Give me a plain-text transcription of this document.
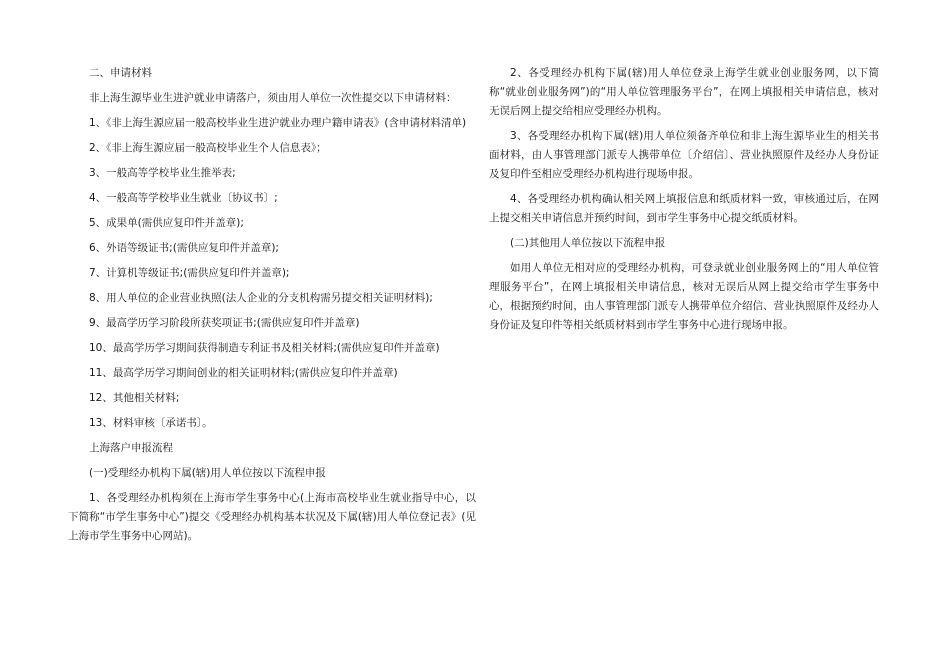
二、申请材料

非上海生源毕业生进沪就业申请落户，须由用人单位一次性提交以下申请材料：

1、《非上海生源应届一般高校毕业生进沪就业办理户籍申请表》(含申请材料清单)

2、《非上海生源应届一般高校毕业生个人信息表》；

3、一般高等学校毕业生推举表;

4、一般高等学校毕业生就业〔协议书〕;

5、成果单(需供应复印件并盖章);

6、外语等级证书;(需供应复印件并盖章);

7、计算机等级证书;(需供应复印件并盖章);

8、用人单位的企业营业执照(法人企业的分支机构需另提交相关证明材料);

9、最高学历学习阶段所获奖项证书;(需供应复印件并盖章)

10、最高学历学习期间获得制造专利证书及相关材料;(需供应复印件并盖章)

11、最高学历学习期间创业的相关证明材料;(需供应复印件并盖章)

12、其他相关材料;

13、材料审核〔承诺书〕。

上海落户申报流程

(一)受理经办机构下属(辖)用人单位按以下流程申报

1、各受理经办机构须在上海市学生事务中心(上海市高校毕业生就业指导中心，以下简称“市学生事务中心”)提交《受理经办机构基本状况及下属(辖)用人单位登记表》(见上海市学生事务中心网站)。

2、各受理经办机构下属(辖)用人单位登录上海学生就业创业服务网，以下简称“就业创业服务网”)的“用人单位管理服务平台”，在网上填报相关申请信息，核对无误后网上提交给相应受理经办机构。

3、各受理经办机构下属(辖)用人单位须备齐单位和非上海生源毕业生的相关书面材料，由人事管理部门派专人携带单位〔介绍信〕、营业执照原件及经办人身份证及复印件至相应受理经办机构进行现场申报。

4、各受理经办机构确认相关网上填报信息和纸质材料一致，审核通过后，在网上提交相关申请信息并预约时间，到市学生事务中心提交纸质材料。

(二)其他用人单位按以下流程申报

如用人单位无相对应的受理经办机构，可登录就业创业服务网上的“用人单位管理服务平台”，在网上填报相关申请信息，核对无误后从网上提交给市学生事务中心，根据预约时间，由人事管理部门派专人携带单位介绍信、营业执照原件及经办人身份证及复印件等相关纸质材料到市学生事务中心进行现场申报。
